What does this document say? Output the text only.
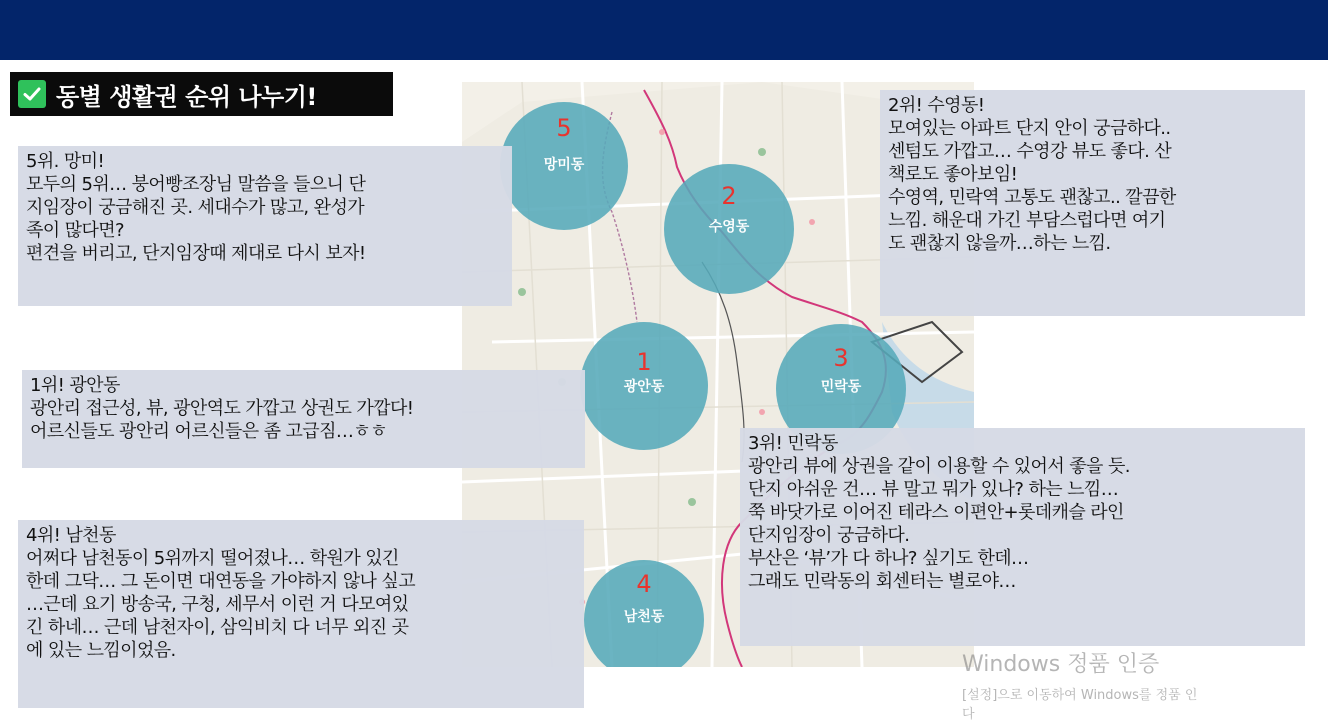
동별 생활권 순위 나누기!
5
망미동
2
수영동
1
광안동
3
민락동
4
남천동

5위. 망미!

모두의 5위… 붕어빵조장님 말씀을 들으니 단

지임장이 궁금해진 곳. 세대수가 많고, 완성가

족이 많다면?

편견을 버리고, 단지임장때 제대로 다시 보자!

2위! 수영동!

모여있는 아파트 단지 안이 궁금하다..

센텀도 가깝고… 수영강 뷰도 좋다. 산

책로도 좋아보임!

수영역, 민락역 고통도 괜찮고.. 깔끔한

느낌. 해운대 가긴 부담스럽다면 여기

도 괜찮지 않을까…하는 느낌.

1위! 광안동

광안리 접근성, 뷰, 광안역도 가깝고 상권도 가깝다!

어르신들도 광안리 어르신들은 좀 고급짐…ㅎㅎ

3위! 민락동

광안리 뷰에 상권을 같이 이용할 수 있어서 좋을 듯.

단지 아쉬운 건… 뷰 말고 뭐가 있나? 하는 느낌…

쭉 바닷가로 이어진 테라스 이편안+롯데캐슬 라인

단지임장이 궁금하다.

부산은 ‘뷰’가 다 하나? 싶기도 한데…

그래도 민락동의 회센터는 별로야…

4위! 남천동

어쩌다 남천동이 5위까지 떨어졌나… 학원가 있긴

한데 그닥… 그 돈이면 대연동을 가야하지 않나 싶고

…근데 요기 방송국, 구청, 세무서 이런 거 다모여있

긴 하네… 근데 남천자이, 삼익비치 다 너무 외진 곳

에 있는 느낌이었음.

Windows 정품 인증
[설정]으로 이동하여 Windows를 정품 인
다
